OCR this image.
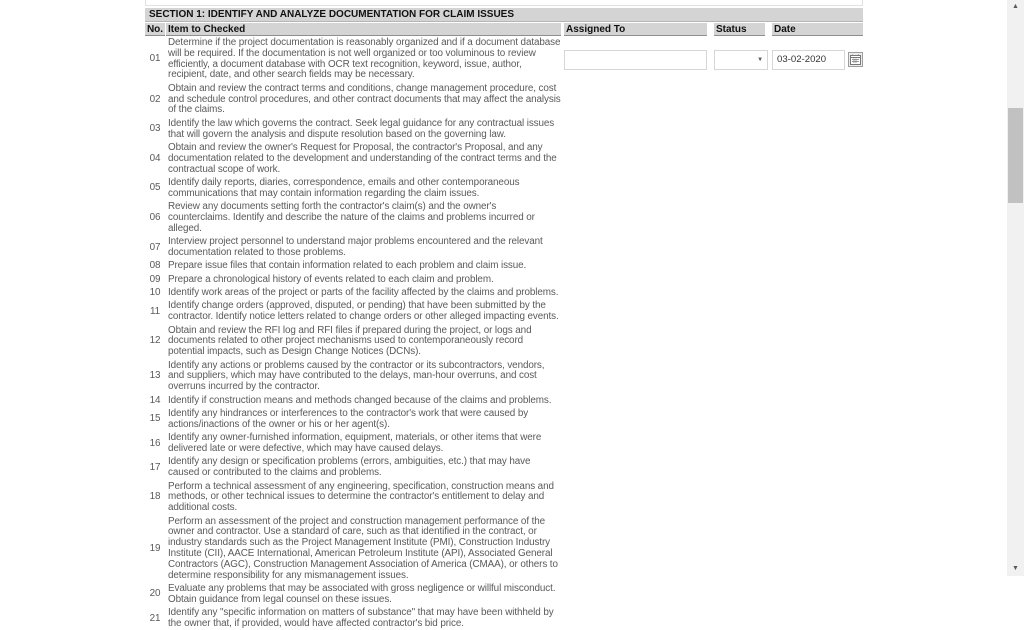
SECTION 1: IDENTIFY AND ANALYZE DOCUMENTATION FOR CLAIM ISSUES
No. Item to Checked	Assigned To	Status	Date
01
Determine if the project documentation is reasonably organized and if a document database will be required. If the documentation is not well organized or too voluminous to review efficiently, a document database with OCR text recognition, keyword, issue, author, recipient, date, and other search fields may be necessary.
▼
03-02-2020
02
Obtain and review the contract terms and conditions, change management procedure, cost and schedule control procedures, and other contract documents that may affect the analysis of the claims.
03 Identify the law which governs the contract. Seek legal guidance for any contractual issues that will govern the analysis and dispute resolution based on the governing law.
04
Obtain and review the owner's Request for Proposal, the contractor's Proposal, and any documentation related to the development and understanding of the contract terms and the contractual scope of work.
05 Identify daily reports, diaries, correspondence, emails and other contemporaneous communications that may contain information regarding the claim issues.
06
Review any documents setting forth the contractor's claim(s) and the owner's counterclaims. Identify and describe the nature of the claims and problems incurred or alleged.
07 Interview project personnel to understand major problems encountered and the relevant documentation related to those problems.
08 Prepare issue files that contain information related to each problem and claim issue.
09 Prepare a chronological history of events related to each claim and problem.
10 Identify work areas of the project or parts of the facility affected by the claims and problems.
11 Identify change orders (approved, disputed, or pending) that have been submitted by the contractor. Identify notice letters related to change orders or other alleged impacting events.
12
Obtain and review the RFI log and RFI files if prepared during the project, or logs and documents related to other project mechanisms used to contemporaneously record potential impacts, such as Design Change Notices (DCNs).
13
Identify any actions or problems caused by the contractor or its subcontractors, vendors, and suppliers, which may have contributed to the delays, man-hour overruns, and cost overruns incurred by the contractor.
14 Identify if construction means and methods changed because of the claims and problems.
15 Identify any hindrances or interferences to the contractor's work that were caused by actions/inactions of the owner or his or her agent(s).
16 Identify any owner-furnished information, equipment, materials, or other items that were delivered late or were defective, which may have caused delays.
17 Identify any design or specification problems (errors, ambiguities, etc.) that may have caused or contributed to the claims and problems.
18
Perform a technical assessment of any engineering, specification, construction means and methods, or other technical issues to determine the contractor's entitlement to delay and additional costs.
19
Perform an assessment of the project and construction management performance of the owner and contractor. Use a standard of care, such as that identified in the contract, or industry standards such as the Project Management Institute (PMI), Construction Industry Institute (CII), AACE International, American Petroleum Institute (API), Associated General Contractors (AGC), Construction Management Association of America (CMAA), or others to determine responsibility for any mismanagement issues.
20 Evaluate any problems that may be associated with gross negligence or willful misconduct. Obtain guidance from legal counsel on these issues.
21 Identify any "specific information on matters of substance" that may have been withheld by the owner that, if provided, would have affected contractor's bid price.
▲
▼
